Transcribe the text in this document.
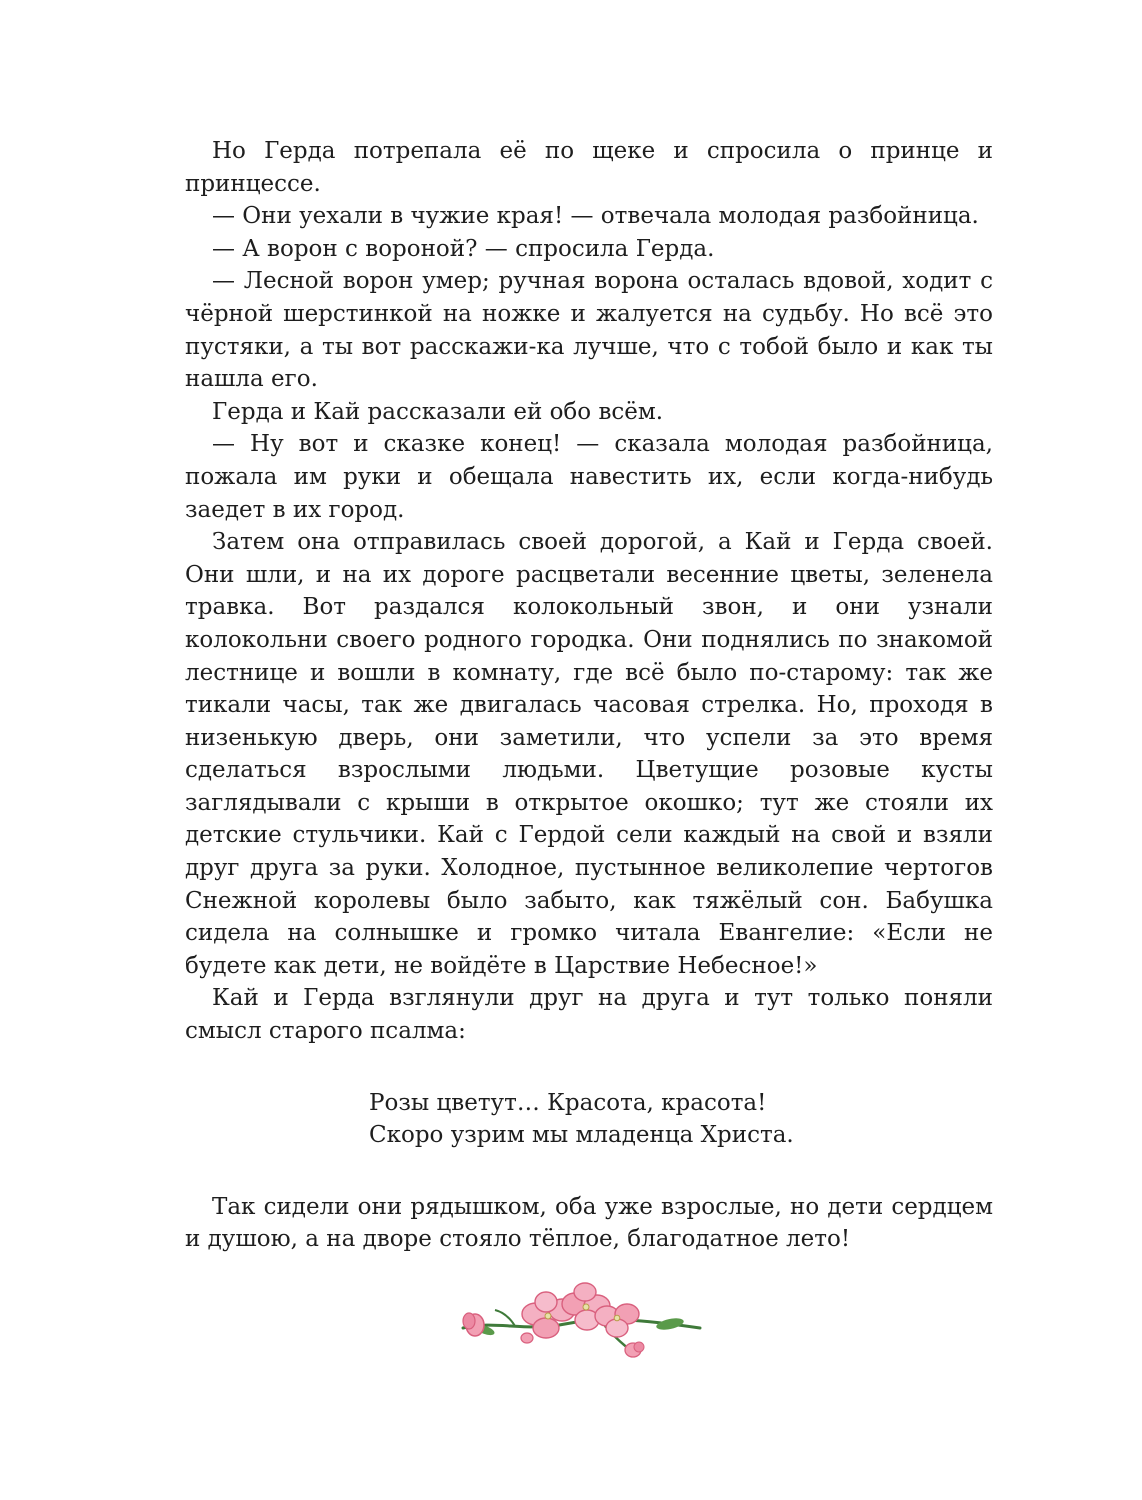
Но Герда потрепала её по щеке и спросила о принце и принцессе.

— Они уехали в чужие края! — отвечала молодая разбойница.

— А ворон с вороной? — спросила Герда.

— Лесной ворон умер; ручная ворона осталась вдовой, ходит с чёрной шерстинкой на ножке и жалуется на судьбу. Но всё это пустяки, а ты вот расскажи-ка лучше, что с тобой было и как ты нашла его.

Герда и Кай рассказали ей обо всём.

— Ну вот и сказке конец! — сказала молодая разбойница, пожала им руки и обещала навестить их, если когда-нибудь заедет в их город.

Затем она отправилась своей дорогой, а Кай и Герда своей. Они шли, и на их дороге расцветали весенние цветы, зеленела травка. Вот раздался колокольный звон, и они узнали колокольни своего родного городка. Они поднялись по знакомой лестнице и вошли в комнату, где всё было по-старому: так же тикали часы, так же двигалась часовая стрелка. Но, проходя в низенькую дверь, они заметили, что успели за это время сделаться взрослыми людьми. Цветущие розовые кусты заглядывали с крыши в открытое окошко; тут же стояли их детские стульчики. Кай с Гердой сели каждый на свой и взяли друг друга за руки. Холодное, пустынное великолепие чертогов Снежной королевы было забыто, как тяжёлый сон. Бабушка сидела на солнышке и громко читала Евангелие: «Если не будете как дети, не войдёте в Царствие Небесное!»

Кай и Герда взглянули друг на друга и тут только поняли смысл старого псалма:

Розы цветут… Красота, красота!
Скоро узрим мы младенца Христа.

Так сидели они рядышком, оба уже взрослые, но дети сердцем и душою, а на дворе стояло тёплое, благодатное лето!
